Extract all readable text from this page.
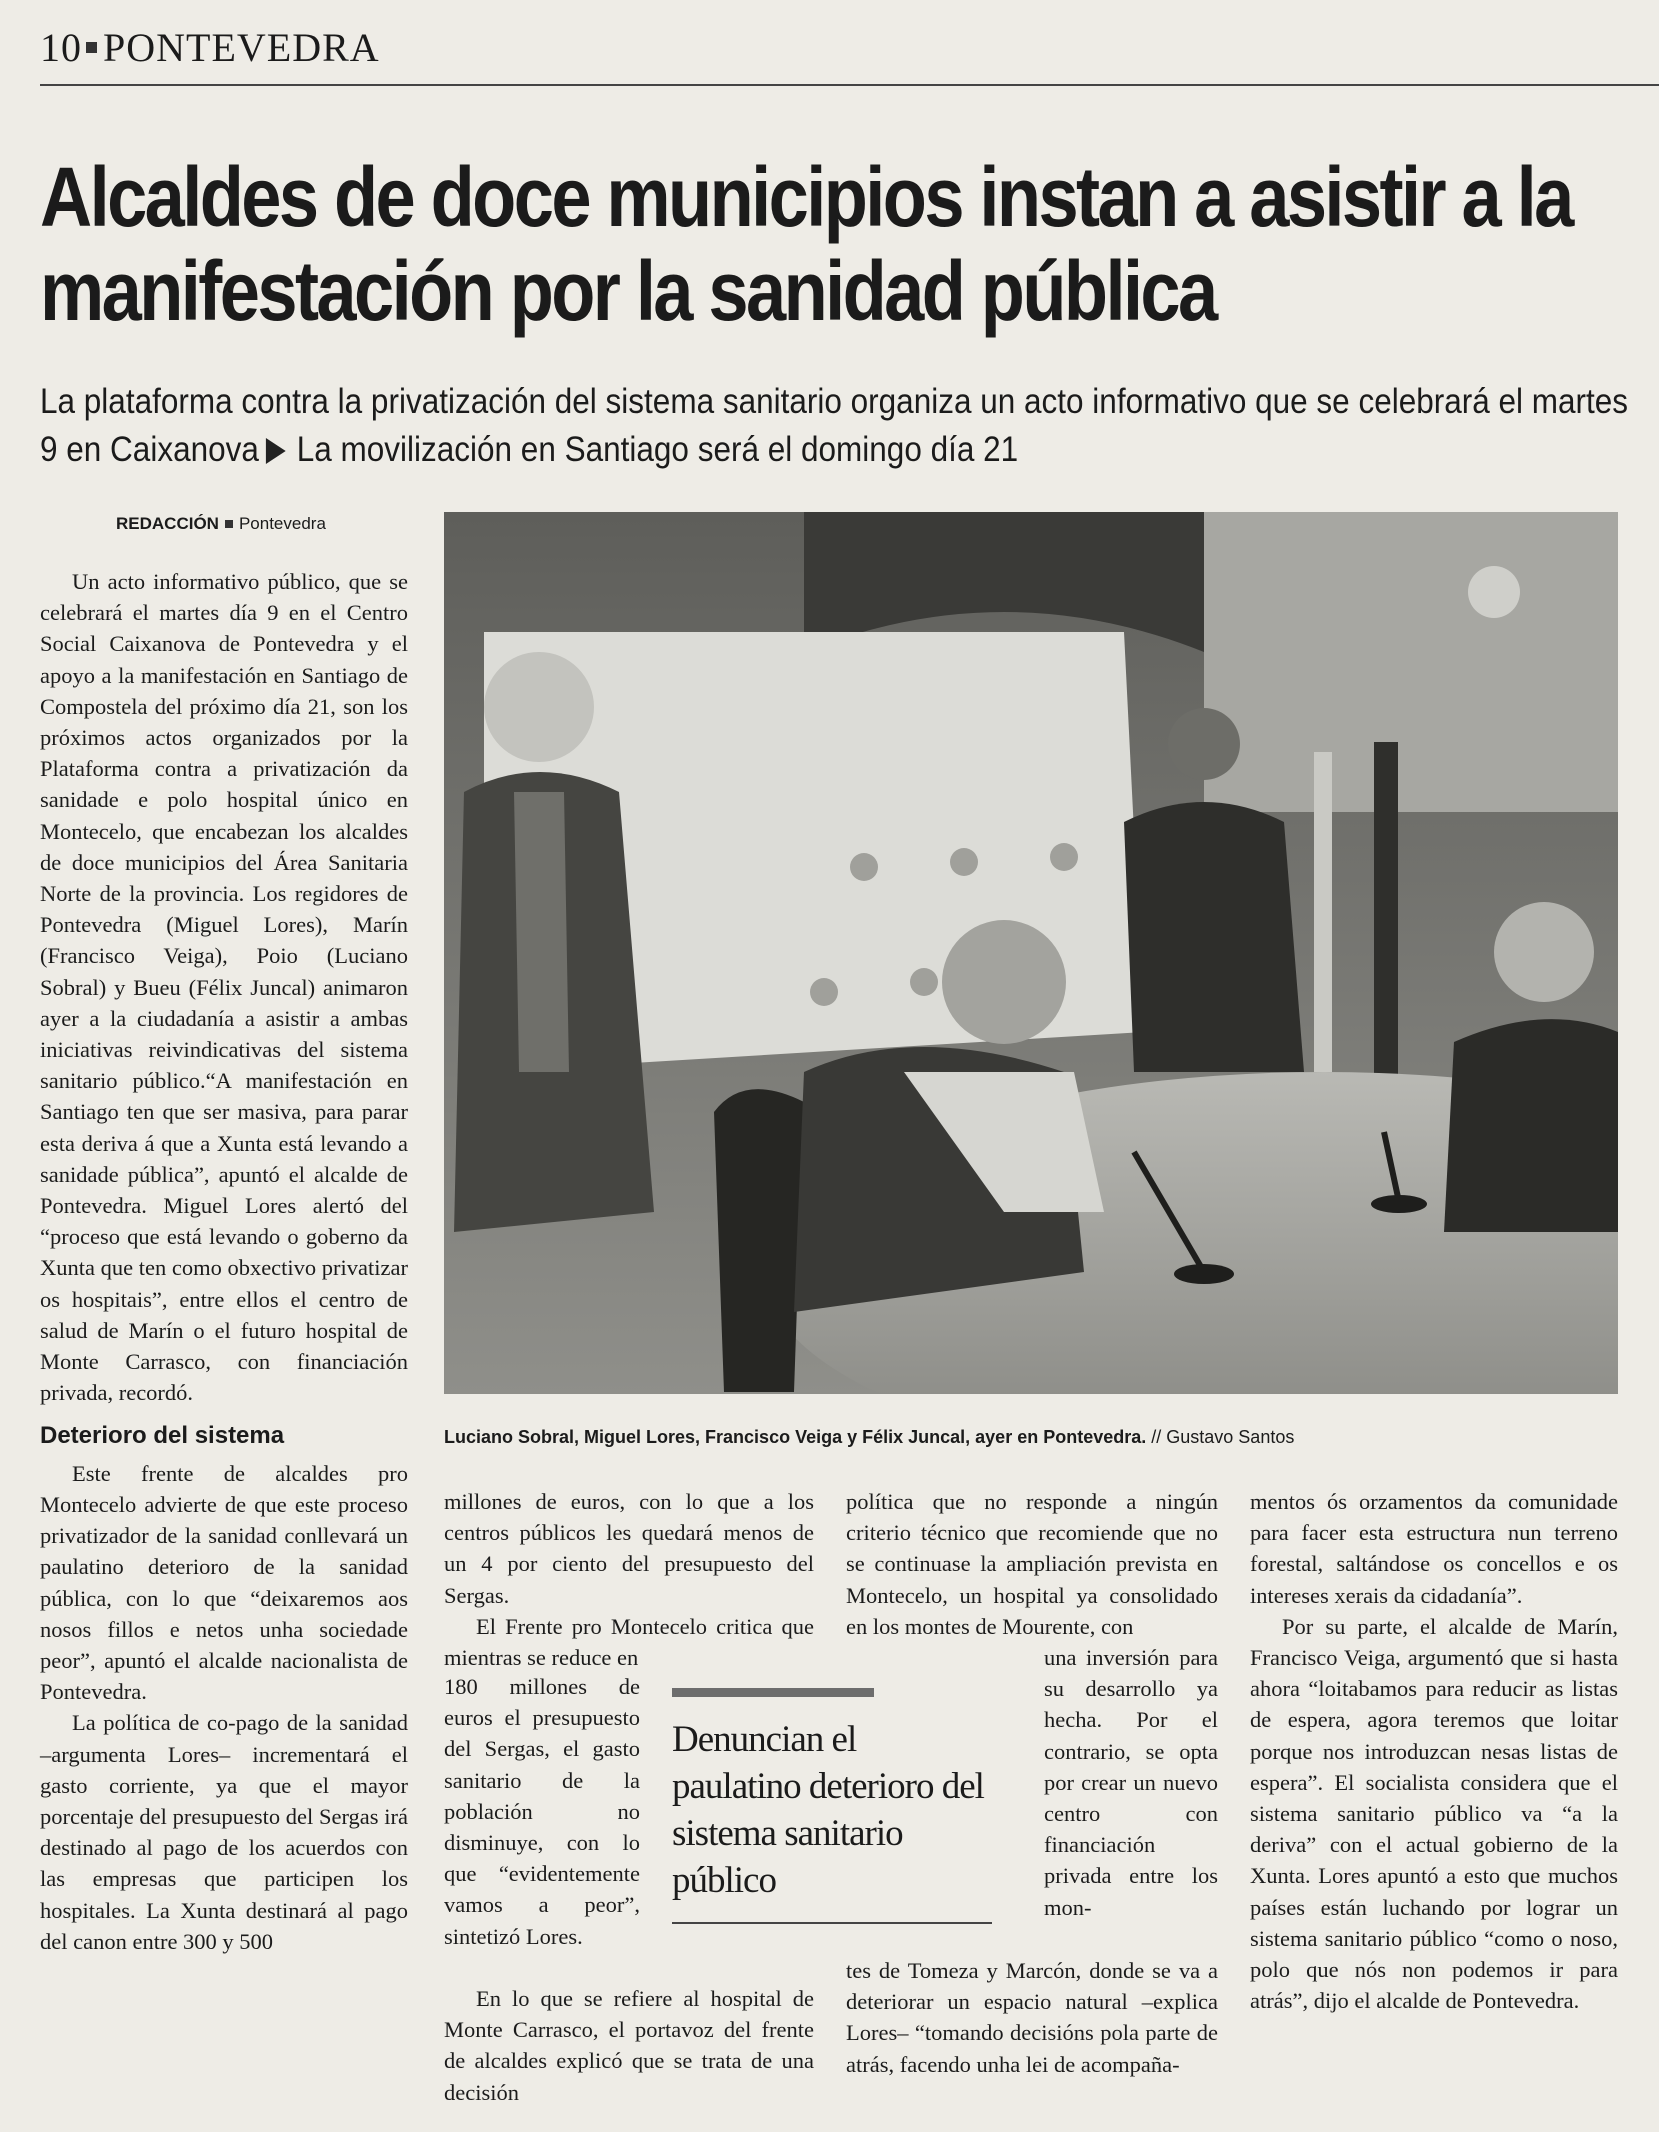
10 PONTEVEDRA
Alcaldes de doce municipios instan a asistir a la manifestación por la sanidad pública
La plataforma contra la privatización del sistema sanitario organiza un acto informativo que se celebrará el martes 9 en Caixanova La movilización en Santiago será el domingo día 21
REDACCIÓN Pontevedra

Un acto informativo público, que se celebrará el martes día 9 en el Centro Social Caixanova de Pontevedra y el apoyo a la manifestación en Santiago de Compostela del próximo día 21, son los próximos actos organizados por la Plataforma contra a privatización da sanidade e polo hospital único en Montecelo, que encabezan los alcaldes de doce municipios del Área Sanitaria Norte de la provincia. Los regidores de Pontevedra (Miguel Lores), Marín (Francisco Veiga), Poio (Luciano Sobral) y Bueu (Félix Juncal) animaron ayer a la ciudadanía a asistir a ambas iniciativas reivindicativas del sistema sanitario público.“A manifestación en Santiago ten que ser masiva, para parar esta deriva á que a Xunta está levando a sanidade pública”, apuntó el alcalde de Pontevedra. Miguel Lores alertó del “proceso que está levando o goberno da Xunta que ten como obxectivo privatizar os hospitais”, entre ellos el centro de salud de Marín o el futuro hospital de Monte Carrasco, con financiación privada, recordó.

Deterioro del sistema

Este frente de alcaldes pro Montecelo advierte de que este proceso privatizador de la sanidad conllevará un paulatino deterioro de la sanidad pública, con lo que “deixaremos aos nosos fillos e netos unha sociedade peor”, apuntó el alcalde nacionalista de Pontevedra.

La política de co-pago de la sanidad –argumenta Lores– incrementará el gasto corriente, ya que el mayor porcentaje del presupuesto del Sergas irá destinado al pago de los acuerdos con las empresas que participen los hospitales. La Xunta destinará al pago del canon entre 300 y 500

Luciano Sobral, Miguel Lores, Francisco Veiga y Félix Juncal, ayer en Pontevedra. // Gustavo Santos

millones de euros, con lo que a los centros públicos les quedará menos de un 4 por ciento del presupuesto del Sergas.

El Frente pro Montecelo critica que mientras se reduce en

180 millones de euros el presupuesto del Sergas, el gasto sanitario de la población no disminuye, con lo que “evidentemente vamos a peor”, sintetizó Lores.

En lo que se refiere al hospital de Monte Carrasco, el portavoz del frente de alcaldes explicó que se trata de una decisión

política que no responde a ningún criterio técnico que recomiende que no se continuase la ampliación prevista en Montecelo, un hospital ya consolidado en los montes de Mourente, con

una inversión para su desarrollo ya hecha. Por el contrario, se opta por crear un nuevo centro con financiación privada entre los mon-

tes de Tomeza y Marcón, donde se va a deteriorar un espacio natural –explica Lores– “tomando decisións pola parte de atrás, facendo unha lei de acompaña-

mentos ós orzamentos da comunidade para facer esta estructura nun terreno forestal, saltándose os concellos e os intereses xerais da cidadanía”.

Por su parte, el alcalde de Marín, Francisco Veiga, argumentó que si hasta ahora “loitabamos para reducir as listas de espera, agora teremos que loitar porque nos introduzcan nesas listas de espera”. El socialista considera que el sistema sanitario público va “a la deriva” con el actual gobierno de la Xunta. Lores apuntó a esto que muchos países están luchando por lograr un sistema sanitario público “como o noso, polo que nós non podemos ir para atrás”, dijo el alcalde de Pontevedra.

Denuncian el paulatino deterioro del sistema sanitario público
